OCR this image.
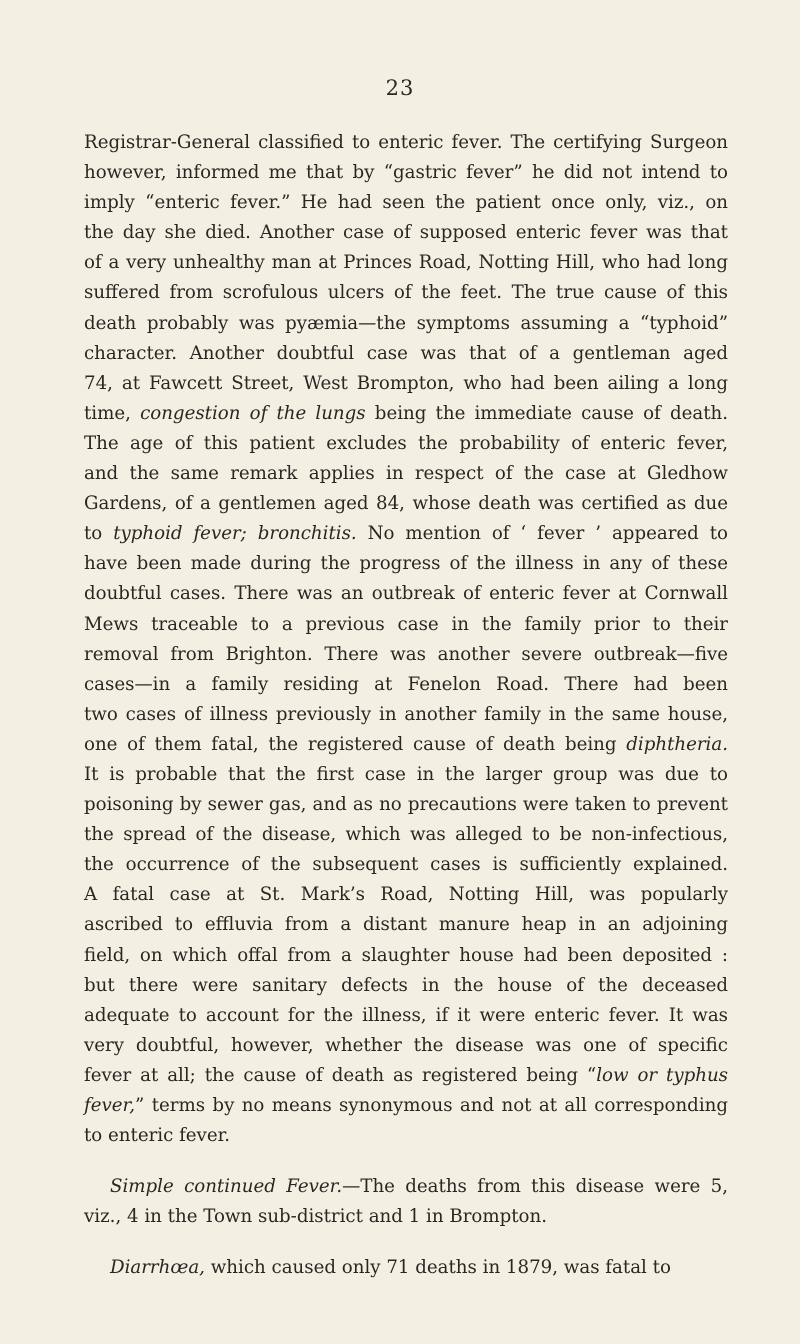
23
Registrar-General classified to enteric fever. The certifying Surgeon
however, informed me that by “gastric fever” he did not intend to
imply “enteric fever.” He had seen the patient once only, viz., on
the day she died. Another case of supposed enteric fever was that
of a very unhealthy man at Princes Road, Notting Hill, who had long
suffered from scrofulous ulcers of the feet. The true cause of this
death probably was pyæmia—the symptoms assuming a “typhoid”
character. Another doubtful case was that of a gentleman aged
74, at Fawcett Street, West Brompton, who had been ailing a long
time, congestion of the lungs being the immediate cause of death.
The age of this patient excludes the probability of enteric fever,
and the same remark applies in respect of the case at Gledhow
Gardens, of a gentlemen aged 84, whose death was certified as due
to typhoid fever; bronchitis. No mention of ‘ fever ’ appeared to
have been made during the progress of the illness in any of these
doubtful cases. There was an outbreak of enteric fever at Cornwall
Mews traceable to a previous case in the family prior to their
removal from Brighton. There was another severe outbreak—five
cases—in a family residing at Fenelon Road. There had been
two cases of illness previously in another family in the same house,
one of them fatal, the registered cause of death being diphtheria.
It is probable that the first case in the larger group was due to
poisoning by sewer gas, and as no precautions were taken to prevent
the spread of the disease, which was alleged to be non-infectious,
the occurrence of the subsequent cases is sufficiently explained.
A fatal case at St. Mark’s Road, Notting Hill, was popularly
ascribed to effluvia from a distant manure heap in an adjoining
field, on which offal from a slaughter house had been deposited :
but there were sanitary defects in the house of the deceased
adequate to account for the illness, if it were enteric fever. It was
very doubtful, however, whether the disease was one of specific
fever at all; the cause of death as registered being “low or typhus
fever,” terms by no means synonymous and not at all corresponding
to enteric fever.
Simple continued Fever.—The deaths from this disease were 5,
viz., 4 in the Town sub-district and 1 in Brompton.
Diarrhœa, which caused only 71 deaths in 1879, was fatal to
